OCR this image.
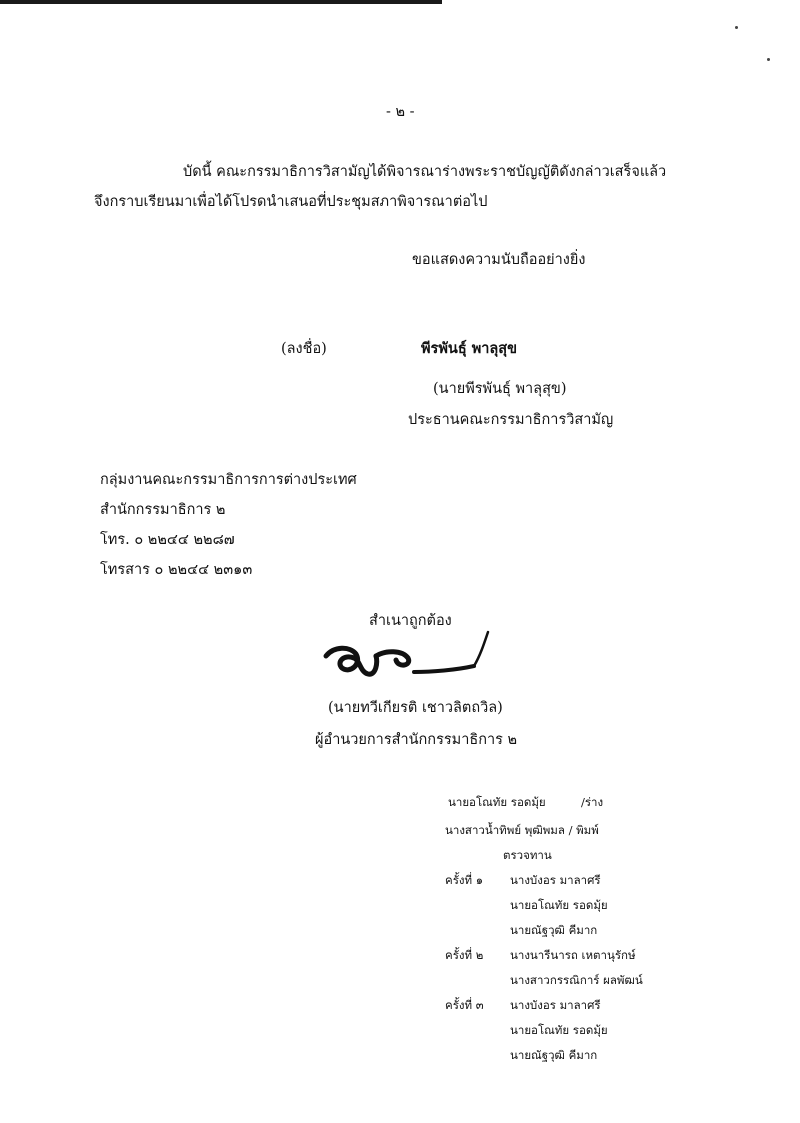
- ๒ -
บัดนี้ คณะกรรมาธิการวิสามัญได้พิจารณาร่างพระราชบัญญัติดังกล่าวเสร็จแล้ว
จึงกราบเรียนมาเพื่อได้โปรดนำเสนอที่ประชุมสภาพิจารณาต่อไป
ขอแสดงความนับถืออย่างยิ่ง
(ลงชื่อ)	พีรพันธุ์ พาลุสุข
(นายพีรพันธุ์ พาลุสุข)
ประธานคณะกรรมาธิการวิสามัญ
กลุ่มงานคณะกรรมาธิการการต่างประเทศ
สำนักกรรมาธิการ ๒
โทร. ๐ ๒๒๔๔ ๒๒๘๗
โทรสาร ๐ ๒๒๔๔ ๒๓๑๓
สำเนาถูกต้อง
(นายทวีเกียรติ เชาวลิตถวิล)
ผู้อำนวยการสำนักกรรมาธิการ ๒
นายอโณทัย รอดมุ้ย	/ร่าง
นางสาวน้ำทิพย์ พุฒิพมล / พิมพ์
ตรวจทาน
ครั้งที่ ๑ นางบังอร มาลาศรี
นายอโณทัย รอดมุ้ย
นายณัฐวุฒิ คีมาก
ครั้งที่ ๒ นางนารีนารถ เหตานุรักษ์
นางสาวกรรณิการ์ ผลพัฒน์
ครั้งที่ ๓ นางบังอร มาลาศรี
นายอโณทัย รอดมุ้ย
นายณัฐวุฒิ คีมาก
